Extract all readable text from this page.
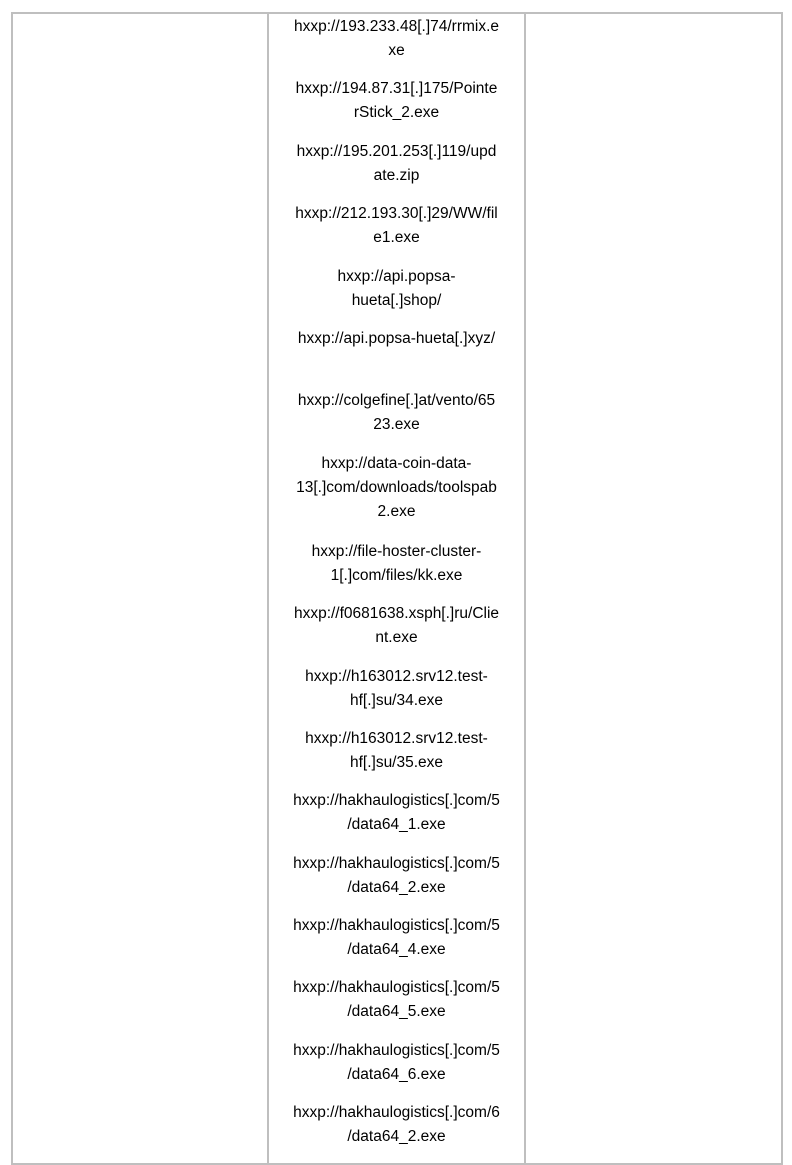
hxxp://193.233.48[.]74/rrmix.e
xe
hxxp://194.87.31[.]175/Pointe
rStick_2.exe
hxxp://195.201.253[.]119/upd
ate.zip
hxxp://212.193.30[.]29/WW/fil
e1.exe
hxxp://api.popsa-
hueta[.]shop/
hxxp://api.popsa-hueta[.]xyz/
hxxp://colgefine[.]at/vento/65
23.exe
hxxp://data-coin-data-
13[.]com/downloads/toolspab
2.exe
hxxp://file-hoster-cluster-
1[.]com/files/kk.exe
hxxp://f0681638.xsph[.]ru/Clie
nt.exe
hxxp://h163012.srv12.test-
hf[.]su/34.exe
hxxp://h163012.srv12.test-
hf[.]su/35.exe
hxxp://hakhaulogistics[.]com/5
/data64_1.exe
hxxp://hakhaulogistics[.]com/5
/data64_2.exe
hxxp://hakhaulogistics[.]com/5
/data64_4.exe
hxxp://hakhaulogistics[.]com/5
/data64_5.exe
hxxp://hakhaulogistics[.]com/5
/data64_6.exe
hxxp://hakhaulogistics[.]com/6
/data64_2.exe
